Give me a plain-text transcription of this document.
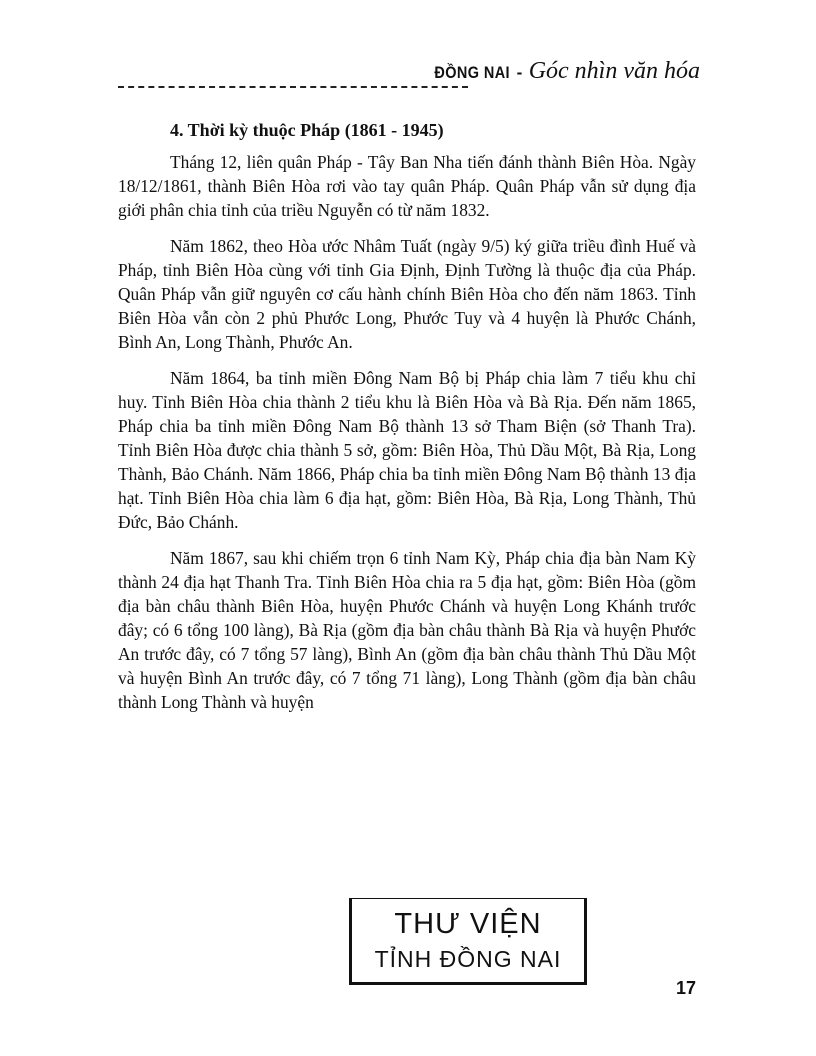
ĐỒNG NAI - Góc nhìn văn hóa
4. Thời kỳ thuộc Pháp (1861 - 1945)

Tháng 12, liên quân Pháp - Tây Ban Nha tiến đánh thành Biên Hòa. Ngày 18/12/1861, thành Biên Hòa rơi vào tay quân Pháp. Quân Pháp vẫn sử dụng địa giới phân chia tỉnh của triều Nguyễn có từ năm 1832.

Năm 1862, theo Hòa ước Nhâm Tuất (ngày 9/5) ký giữa triều đình Huế và Pháp, tỉnh Biên Hòa cùng với tỉnh Gia Định, Định Tường là thuộc địa của Pháp. Quân Pháp vẫn giữ nguyên cơ cấu hành chính Biên Hòa cho đến năm 1863. Tỉnh Biên Hòa vẫn còn 2 phủ Phước Long, Phước Tuy và 4 huyện là Phước Chánh, Bình An, Long Thành, Phước An.

Năm 1864, ba tỉnh miền Đông Nam Bộ bị Pháp chia làm 7 tiểu khu chỉ huy. Tỉnh Biên Hòa chia thành 2 tiểu khu là Biên Hòa và Bà Rịa. Đến năm 1865, Pháp chia ba tỉnh miền Đông Nam Bộ thành 13 sở Tham Biện (sở Thanh Tra). Tỉnh Biên Hòa được chia thành 5 sở, gồm: Biên Hòa, Thủ Dầu Một, Bà Rịa, Long Thành, Bảo Chánh. Năm 1866, Pháp chia ba tỉnh miền Đông Nam Bộ thành 13 địa hạt. Tỉnh Biên Hòa chia làm 6 địa hạt, gồm: Biên Hòa, Bà Rịa, Long Thành, Thủ Đức, Bảo Chánh.

Năm 1867, sau khi chiếm trọn 6 tỉnh Nam Kỳ, Pháp chia địa bàn Nam Kỳ thành 24 địa hạt Thanh Tra. Tỉnh Biên Hòa chia ra 5 địa hạt, gồm: Biên Hòa (gồm địa bàn châu thành Biên Hòa, huyện Phước Chánh và huyện Long Khánh trước đây; có 6 tổng 100 làng), Bà Rịa (gồm địa bàn châu thành Bà Rịa và huyện Phước An trước đây, có 7 tổng 57 làng), Bình An (gồm địa bàn châu thành Thủ Dầu Một và huyện Bình An trước đây, có 7 tổng 71 làng), Long Thành (gồm địa bàn châu thành Long Thành và huyện

THƯ VIỆN
TỈNH ĐỒNG NAI
17
